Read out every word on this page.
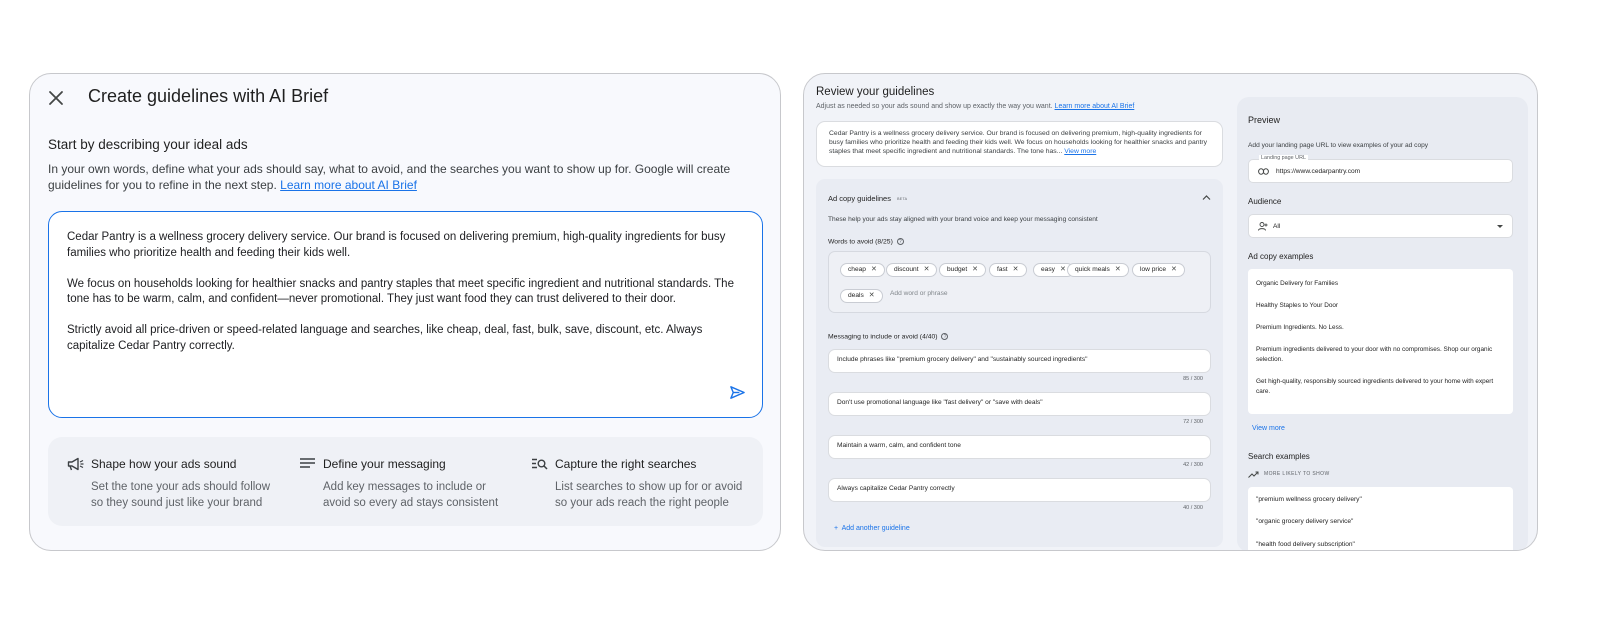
Create guidelines with AI Brief
Start by describing your ideal ads
In your own words, define what your ads should say, what to avoid, and the searches you want to show up for. Google will create guidelines for you to refine in the next step. Learn more about AI Brief

Cedar Pantry is a wellness grocery delivery service. Our brand is focused on delivering premium, high-quality ingredients for busy families who prioritize health and feeding their kids well.

We focus on households looking for healthier snacks and pantry staples that meet specific ingredient and nutritional standards. The tone has to be warm, calm, and confident—never promotional. They just want food they can trust delivered to their door.

Strictly avoid all price-driven or speed-related language and searches, like cheap, deal, fast, bulk, save, discount, etc. Always capitalize Cedar Pantry correctly.

Shape how your ads sound
Set the tone your ads should follow so they sound just like your brand
Define your messaging
Add key messages to include or avoid so every ad stays consistent
Capture the right searches
List searches to show up for or avoid so your ads reach the right people
Review your guidelines
Adjust as needed so your ads sound and show up exactly the way you want. Learn more about AI Brief
Cedar Pantry is a wellness grocery delivery service. Our brand is focused on delivering premium, high-quality ingredients for busy families who prioritize health and feeding their kids well. We focus on households looking for healthier snacks and pantry staples that meet specific ingredient and nutritional standards. The tone has... View more
Ad copy guidelines BETA
These help your ads stay aligned with your brand voice and keep your messaging consistent
Words to avoid (8/25) ?
cheap ✕	discount ✕	budget ✕	fast ✕	easy ✕	quick meals ✕	low price ✕
deals ✕	Add word or phrase
Messaging to include or avoid (4/40) ?
Include phrases like "premium grocery delivery" and "sustainably sourced ingredients"
85 / 300
Don't use promotional language like "fast delivery" or "save with deals"
72 / 300
Maintain a warm, calm, and confident tone
42 / 300
Always capitalize Cedar Pantry correctly
40 / 300
+ Add another guideline
Preview
Add your landing page URL to view examples of your ad copy
Landing page URL
https://www.cedarpantry.com
Audience
All
Ad copy examples
Organic Delivery for Families
Healthy Staples to Your Door
Premium Ingredients. No Less.
Premium ingredients delivered to your door with no compromises. Shop our organic selection.
Get high-quality, responsibly sourced ingredients delivered to your home with expert care.
View more
Search examples
MORE LIKELY TO SHOW
"premium wellness grocery delivery"
"organic grocery delivery service"
"health food delivery subscription"
